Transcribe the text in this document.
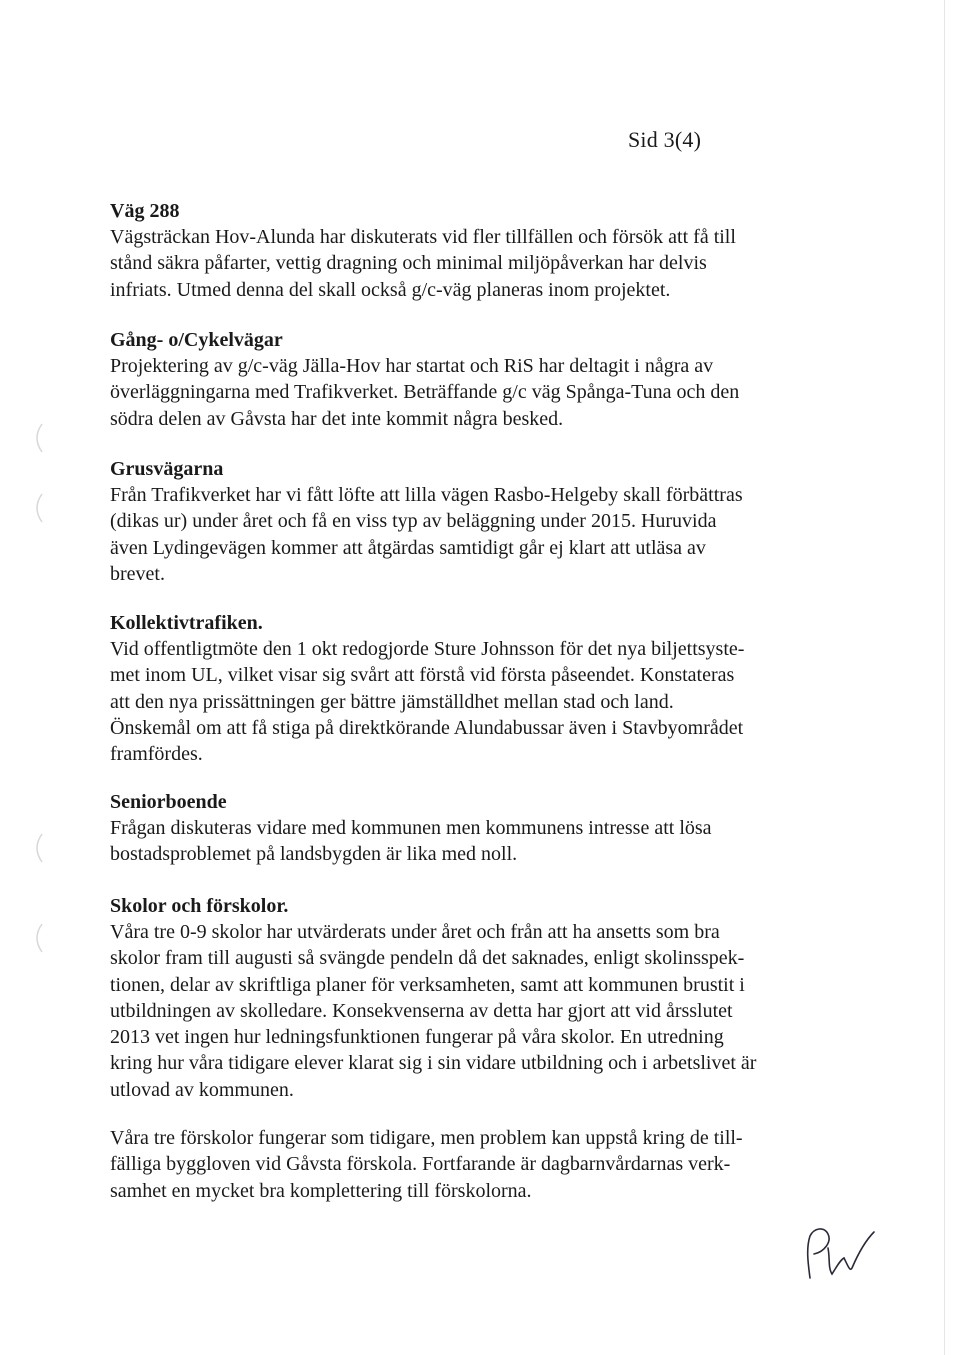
Sid 3(4)

Väg 288

Vägsträckan Hov-Alunda har diskuterats vid fler tillfällen och försök att få till
stånd säkra påfarter, vettig dragning och minimal miljöpåverkan har delvis
infriats. Utmed denna del skall också g/c-väg planeras inom projektet.

Gång- o/Cykelvägar

Projektering av g/c-väg Jälla-Hov har startat och RiS har deltagit i några av
överläggningarna med Trafikverket. Beträffande g/c väg Spånga-Tuna och den
södra delen av Gåvsta har det inte kommit några besked.

Grusvägarna

Från Trafikverket har vi fått löfte att lilla vägen Rasbo-Helgeby skall förbättras
(dikas ur) under året och få en viss typ av beläggning under 2015. Huruvida
även Lydingevägen kommer att åtgärdas samtidigt går ej klart att utläsa av
brevet.

Kollektivtrafiken.

Vid offentligtmöte den 1 okt redogjorde Sture Johnsson för det nya biljettsyste-
met inom UL, vilket visar sig svårt att förstå vid första påseendet. Konstateras
att den nya prissättningen ger bättre jämställdhet mellan stad och land.
Önskemål om att få stiga på direktkörande Alundabussar även i Stavbyområdet
framfördes.

Seniorboende

Frågan diskuteras vidare med kommunen men kommunens intresse att lösa
bostadsproblemet på landsbygden är lika med noll.

Skolor och förskolor.

Våra tre 0-9 skolor har utvärderats under året och från att ha ansetts som bra
skolor fram till augusti så svängde pendeln då det saknades, enligt skolinsspek-
tionen, delar av skriftliga planer för verksamheten, samt att kommunen brustit i
utbildningen av skolledare. Konsekvenserna av detta har gjort att vid årsslutet
2013 vet ingen hur ledningsfunktionen fungerar på våra skolor. En utredning
kring hur våra tidigare elever klarat sig i sin vidare utbildning och i arbetslivet är
utlovad av kommunen.

Våra tre förskolor fungerar som tidigare, men problem kan uppstå kring de till-
fälliga byggloven vid Gåvsta förskola. Fortfarande är dagbarnvårdarnas verk-
samhet en mycket bra komplettering till förskolorna.
